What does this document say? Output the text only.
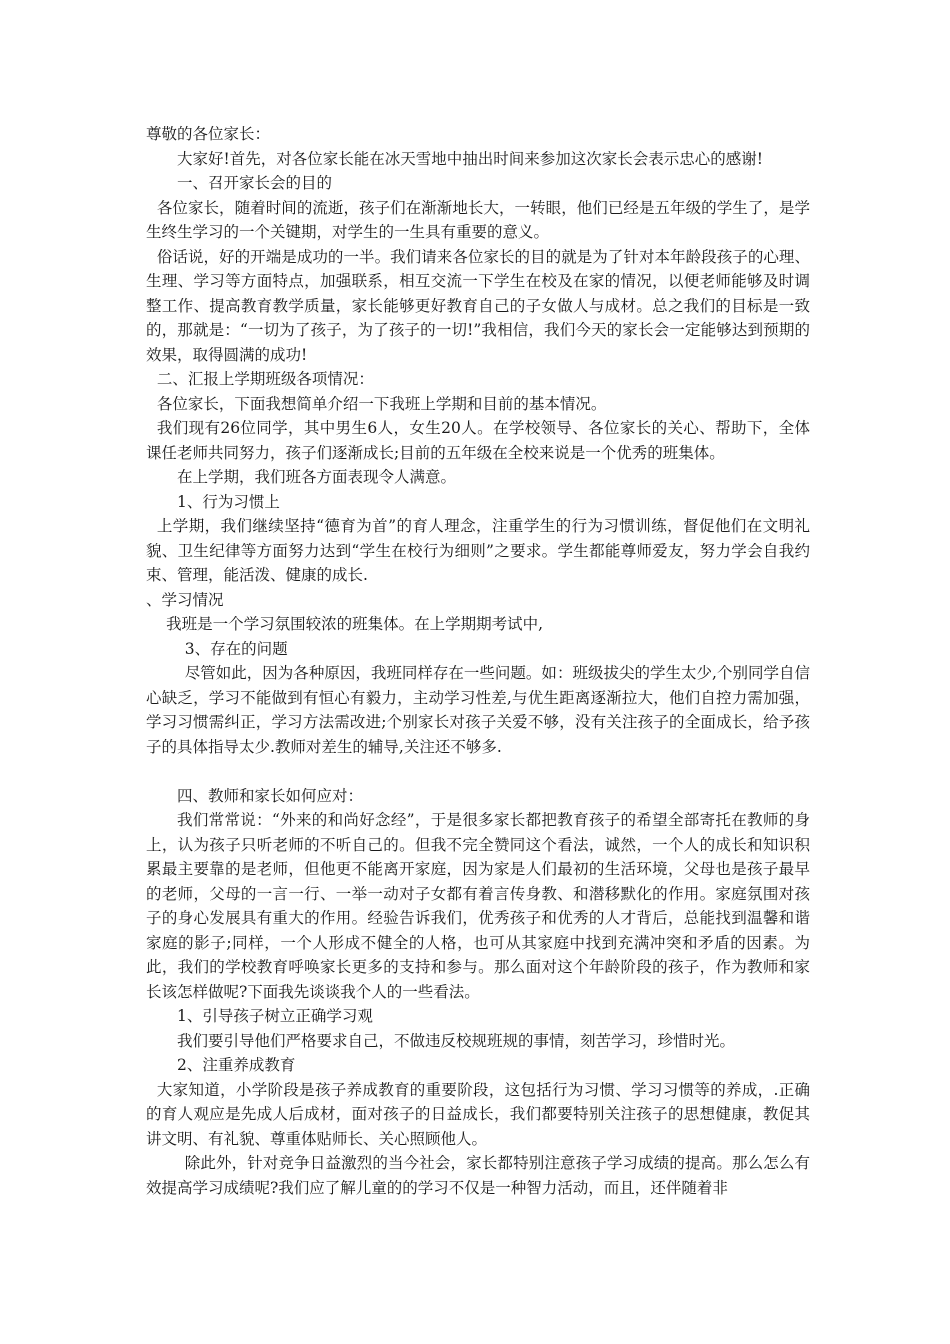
尊敬的各位家长：

大家好!首先，对各位家长能在冰天雪地中抽出时间来参加这次家长会表示忠心的感谢!

一、召开家长会的目的

各位家长，随着时间的流逝，孩子们在渐渐地长大，一转眼，他们已经是五年级的学生了，是学生终生学习的一个关键期，对学生的一生具有重要的意义。

俗话说，好的开端是成功的一半。我们请来各位家长的目的就是为了针对本年龄段孩子的心理、生理、学习等方面特点，加强联系，相互交流一下学生在校及在家的情况，以便老师能够及时调整工作、提高教育教学质量，家长能够更好教育自己的子女做人与成材。总之我们的目标是一致的，那就是：“一切为了孩子，为了孩子的一切!”我相信，我们今天的家长会一定能够达到预期的效果，取得圆满的成功!

二、汇报上学期班级各项情况：

各位家长，下面我想简单介绍一下我班上学期和目前的基本情况。

我们现有26位同学，其中男生6人，女生20人。在学校领导、各位家长的关心、帮助下，全体课任老师共同努力，孩子们逐渐成长;目前的五年级在全校来说是一个优秀的班集体。

在上学期，我们班各方面表现令人满意。

1、行为习惯上

上学期，我们继续坚持“德育为首”的育人理念，注重学生的行为习惯训练，督促他们在文明礼貌、卫生纪律等方面努力达到“学生在校行为细则”之要求。学生都能尊师爱友，努力学会自我约束、管理，能活泼、健康的成长.

、学习情况

我班是一个学习氛围较浓的班集体。在上学期期考试中,

3、存在的问题

尽管如此，因为各种原因，我班同样存在一些问题。如：班级拔尖的学生太少,个别同学自信心缺乏，学习不能做到有恒心有毅力，主动学习性差,与优生距离逐渐拉大，他们自控力需加强，学习习惯需纠正，学习方法需改进;个别家长对孩子关爱不够，没有关注孩子的全面成长，给予孩子的具体指导太少.教师对差生的辅导,关注还不够多.

四、教师和家长如何应对：

我们常常说：“外来的和尚好念经”，于是很多家长都把教育孩子的希望全部寄托在教师的身上，认为孩子只听老师的不听自己的。但我不完全赞同这个看法，诚然，一个人的成长和知识积累最主要靠的是老师，但他更不能离开家庭，因为家是人们最初的生活环境，父母也是孩子最早的老师，父母的一言一行、一举一动对子女都有着言传身教、和潜移默化的作用。家庭氛围对孩子的身心发展具有重大的作用。经验告诉我们，优秀孩子和优秀的人才背后，总能找到温馨和谐家庭的影子;同样，一个人形成不健全的人格，也可从其家庭中找到充满冲突和矛盾的因素。为此，我们的学校教育呼唤家长更多的支持和参与。那么面对这个年龄阶段的孩子，作为教师和家长该怎样做呢?下面我先谈谈我个人的一些看法。

1、引导孩子树立正确学习观

我们要引导他们严格要求自己，不做违反校规班规的事情，刻苦学习，珍惜时光。

2、注重养成教育

大家知道，小学阶段是孩子养成教育的重要阶段，这包括行为习惯、学习习惯等的养成，.正确的育人观应是先成人后成材，面对孩子的日益成长，我们都要特别关注孩子的思想健康，教促其讲文明、有礼貌、尊重体贴师长、关心照顾他人。

除此外，针对竞争日益激烈的当今社会，家长都特别注意孩子学习成绩的提高。那么怎么有效提高学习成绩呢?我们应了解儿童的的学习不仅是一种智力活动，而且，还伴随着非
